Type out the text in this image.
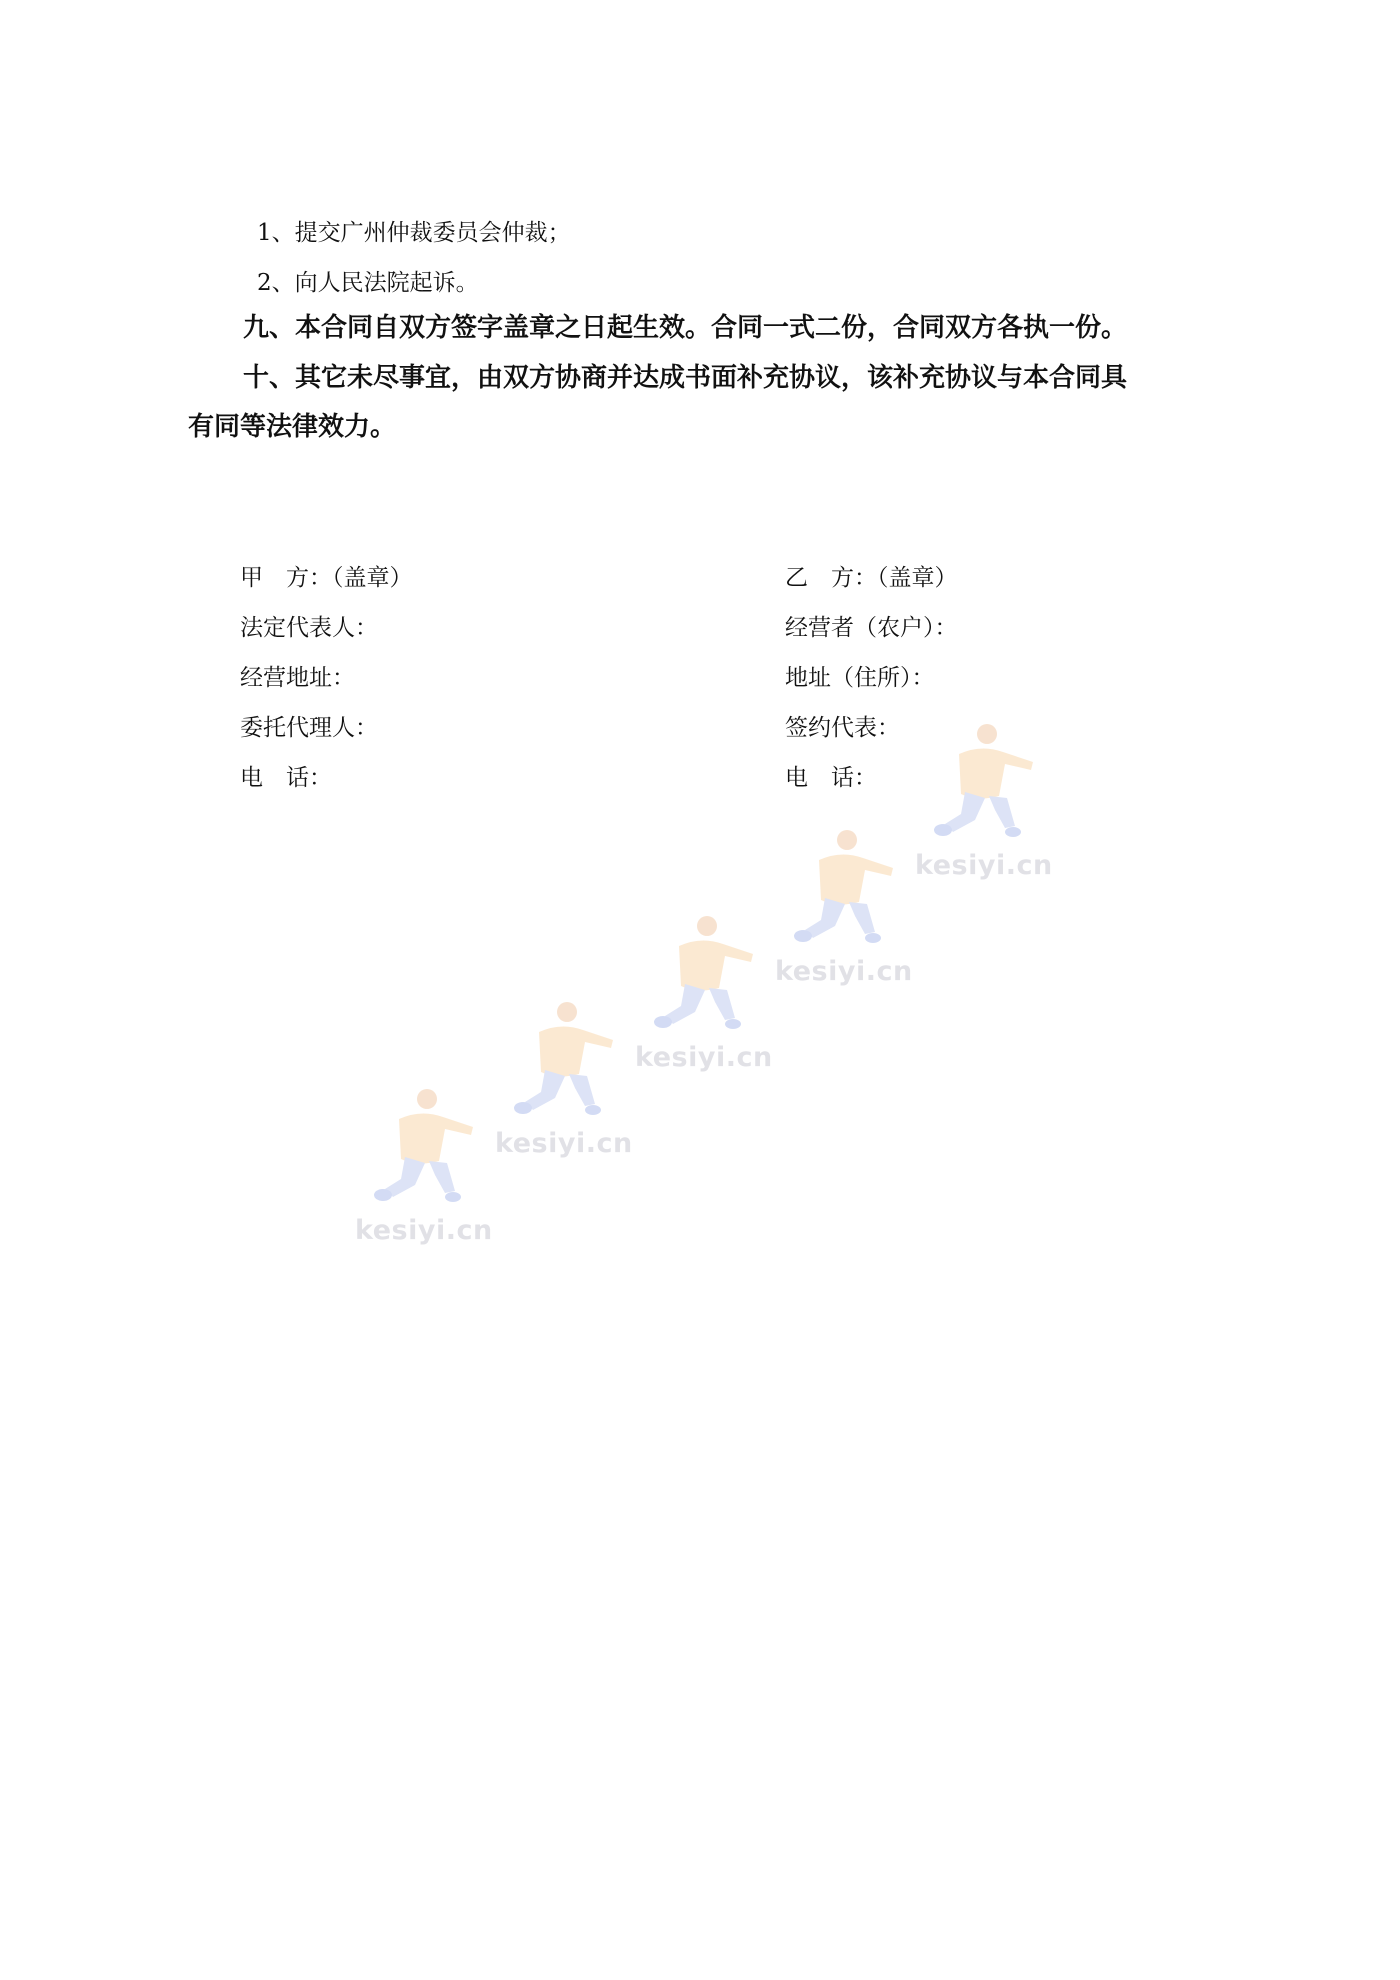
1、提交广州仲裁委员会仲裁；
2、向人民法院起诉。
九、本合同自双方签字盖章之日起生效。合同一式二份，合同双方各执一份。
十、其它未尽事宜，由双方协商并达成书面补充协议，该补充协议与本合同具
有同等法律效力。
甲　方：（盖章）
法定代表人：
经营地址：
委托代理人：
电　话：
乙　方：（盖章）
经营者（农户）：
地址（住所）：
签约代表：
电　话：
kesiyi.cn
kesiyi.cn
kesiyi.cn
kesiyi.cn
kesiyi.cn
